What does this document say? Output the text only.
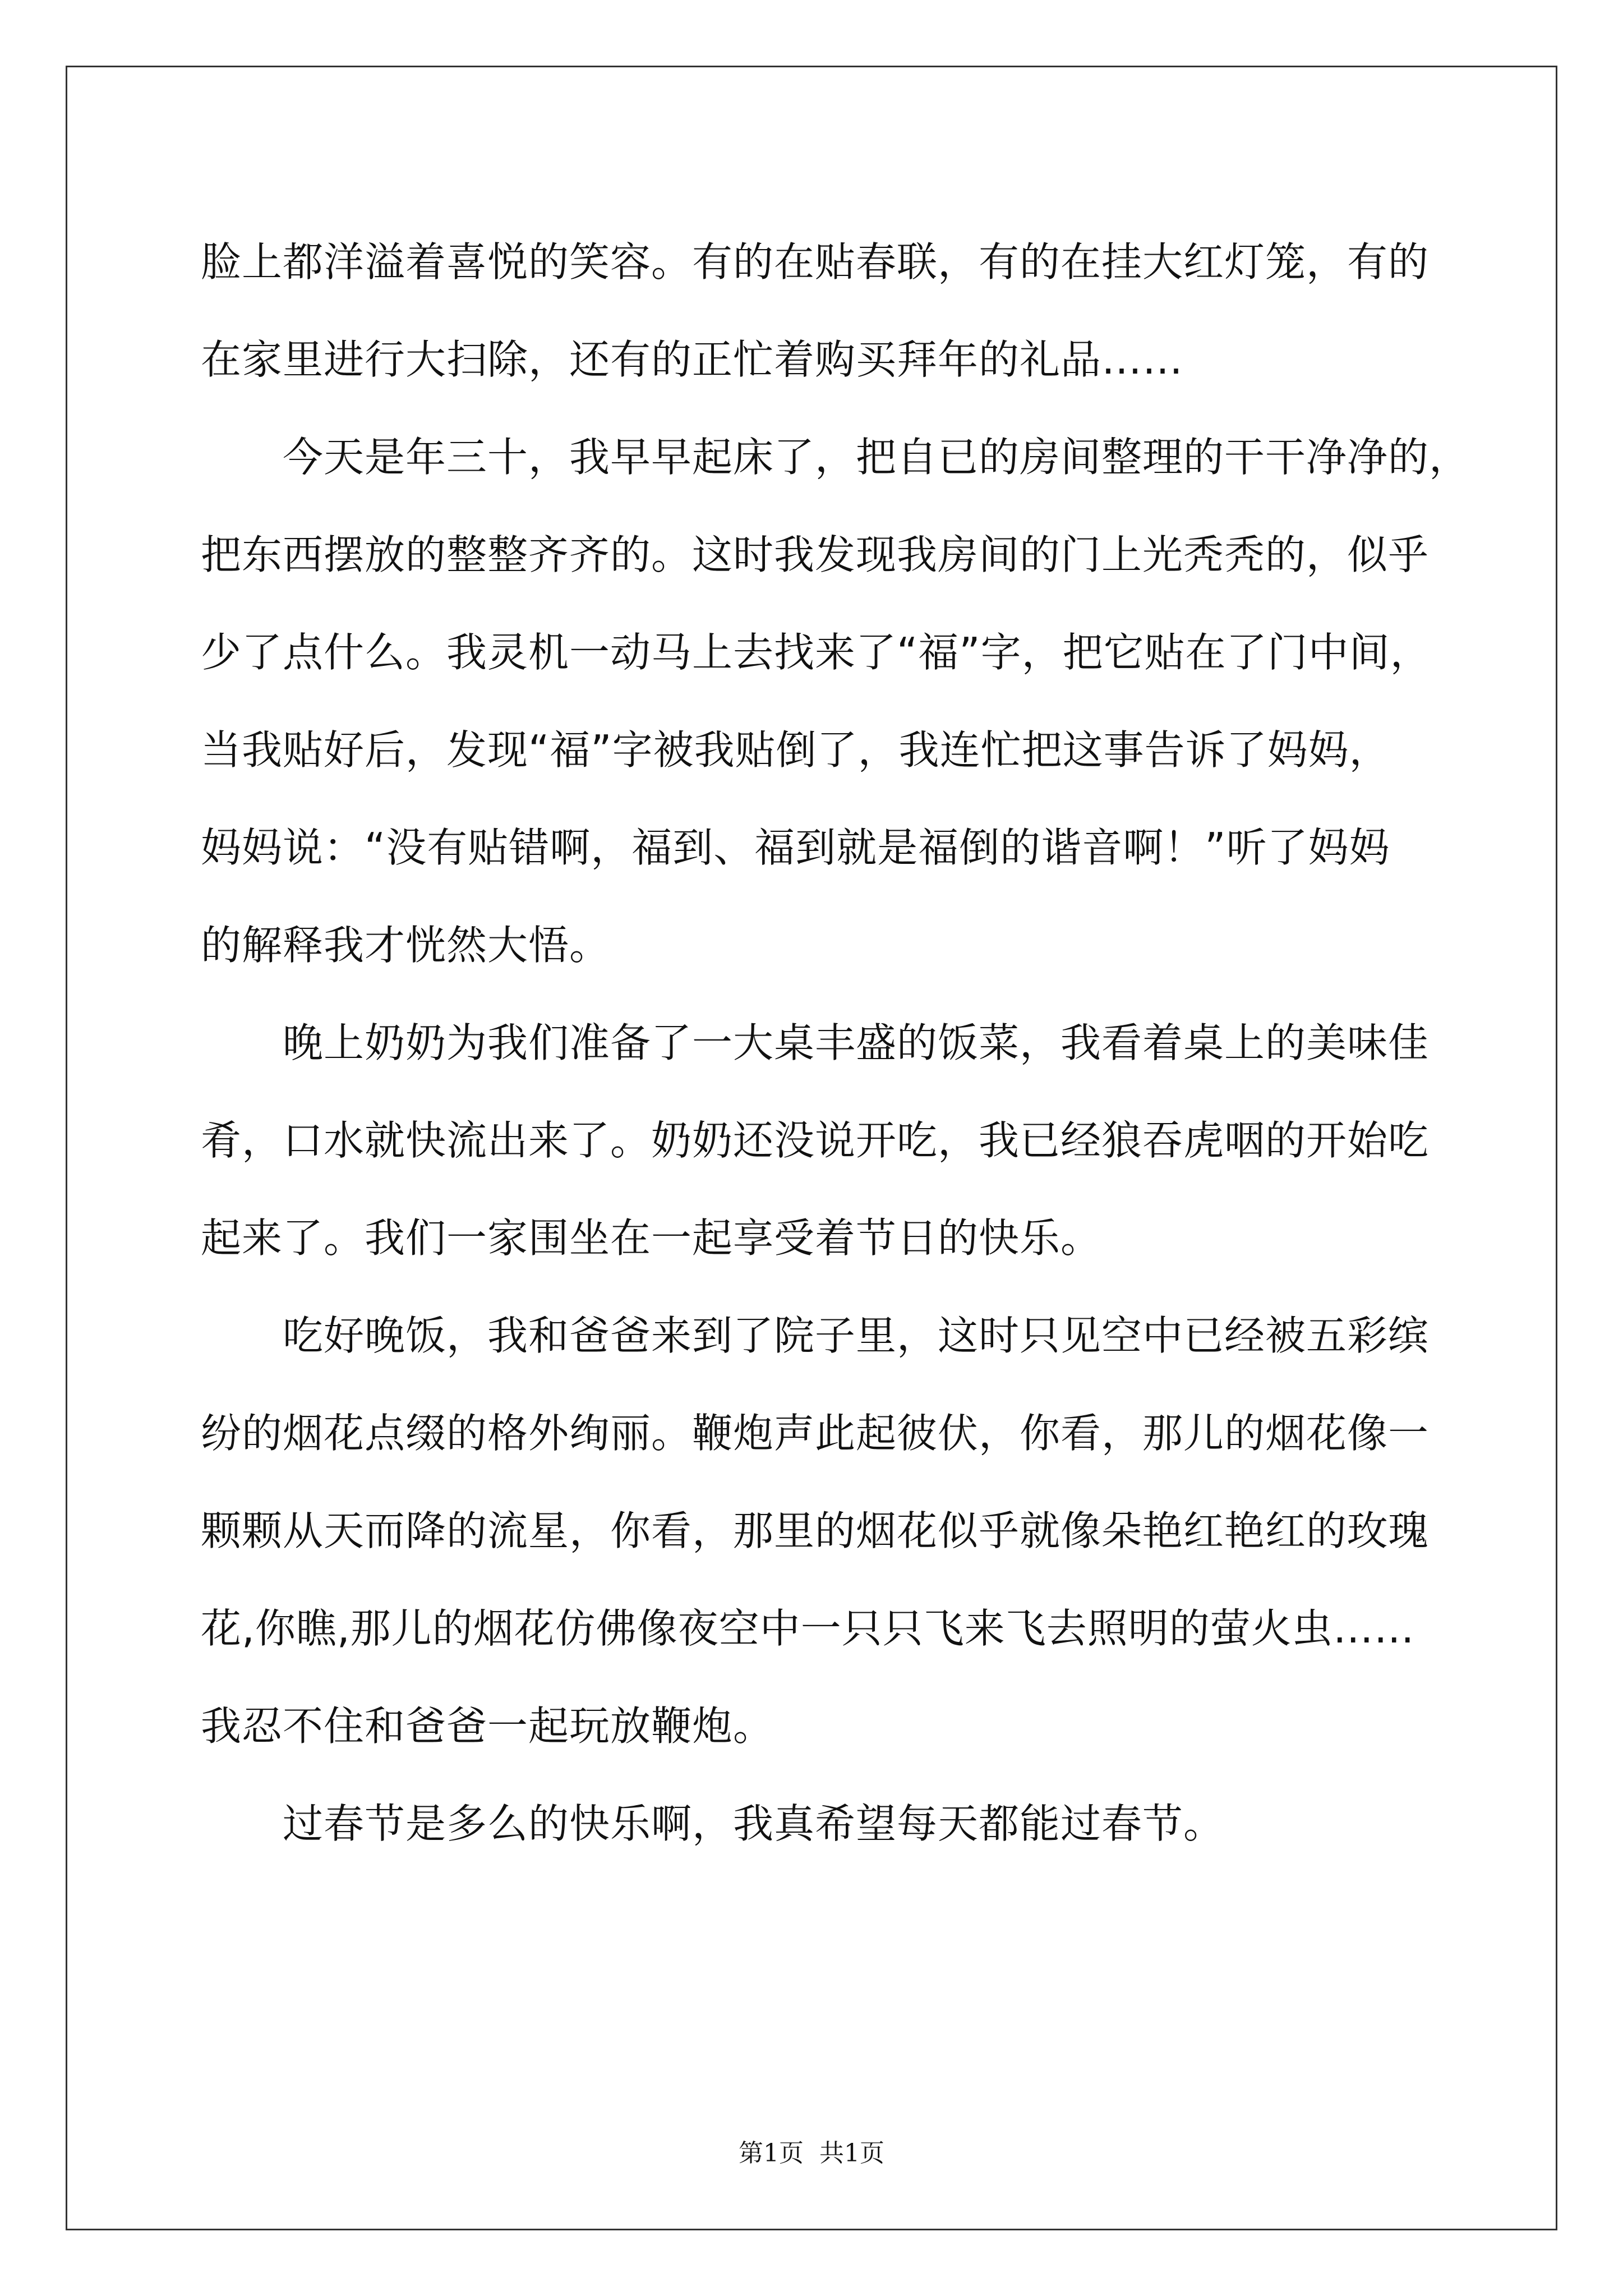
脸上都洋溢着喜悦的笑容。有的在贴春联，有的在挂大红灯笼，有的
在家里进行大扫除，还有的正忙着购买拜年的礼品……
　　今天是年三十，我早早起床了，把自已的房间整理的干干净净的，
把东西摆放的整整齐齐的。这时我发现我房间的门上光秃秃的，似乎
少了点什么。我灵机一动马上去找来了“福”字，把它贴在了门中间，
当我贴好后，发现“福”字被我贴倒了，我连忙把这事告诉了妈妈，
妈妈说：“没有贴错啊，福到、福到就是福倒的谐音啊！”听了妈妈
的解释我才恍然大悟。
　　晚上奶奶为我们准备了一大桌丰盛的饭菜，我看着桌上的美味佳
肴，口水就快流出来了。奶奶还没说开吃，我已经狼吞虎咽的开始吃
起来了。我们一家围坐在一起享受着节日的快乐。
　　吃好晚饭，我和爸爸来到了院子里，这时只见空中已经被五彩缤
纷的烟花点缀的格外绚丽。鞭炮声此起彼伏，你看，那儿的烟花像一
颗颗从天而降的流星，你看，那里的烟花似乎就像朵艳红艳红的玫瑰
花,你瞧,那儿的烟花仿佛像夜空中一只只飞来飞去照明的萤火虫……
我忍不住和爸爸一起玩放鞭炮。
　　过春节是多么的快乐啊，我真希望每天都能过春节。
第1页 共1页
